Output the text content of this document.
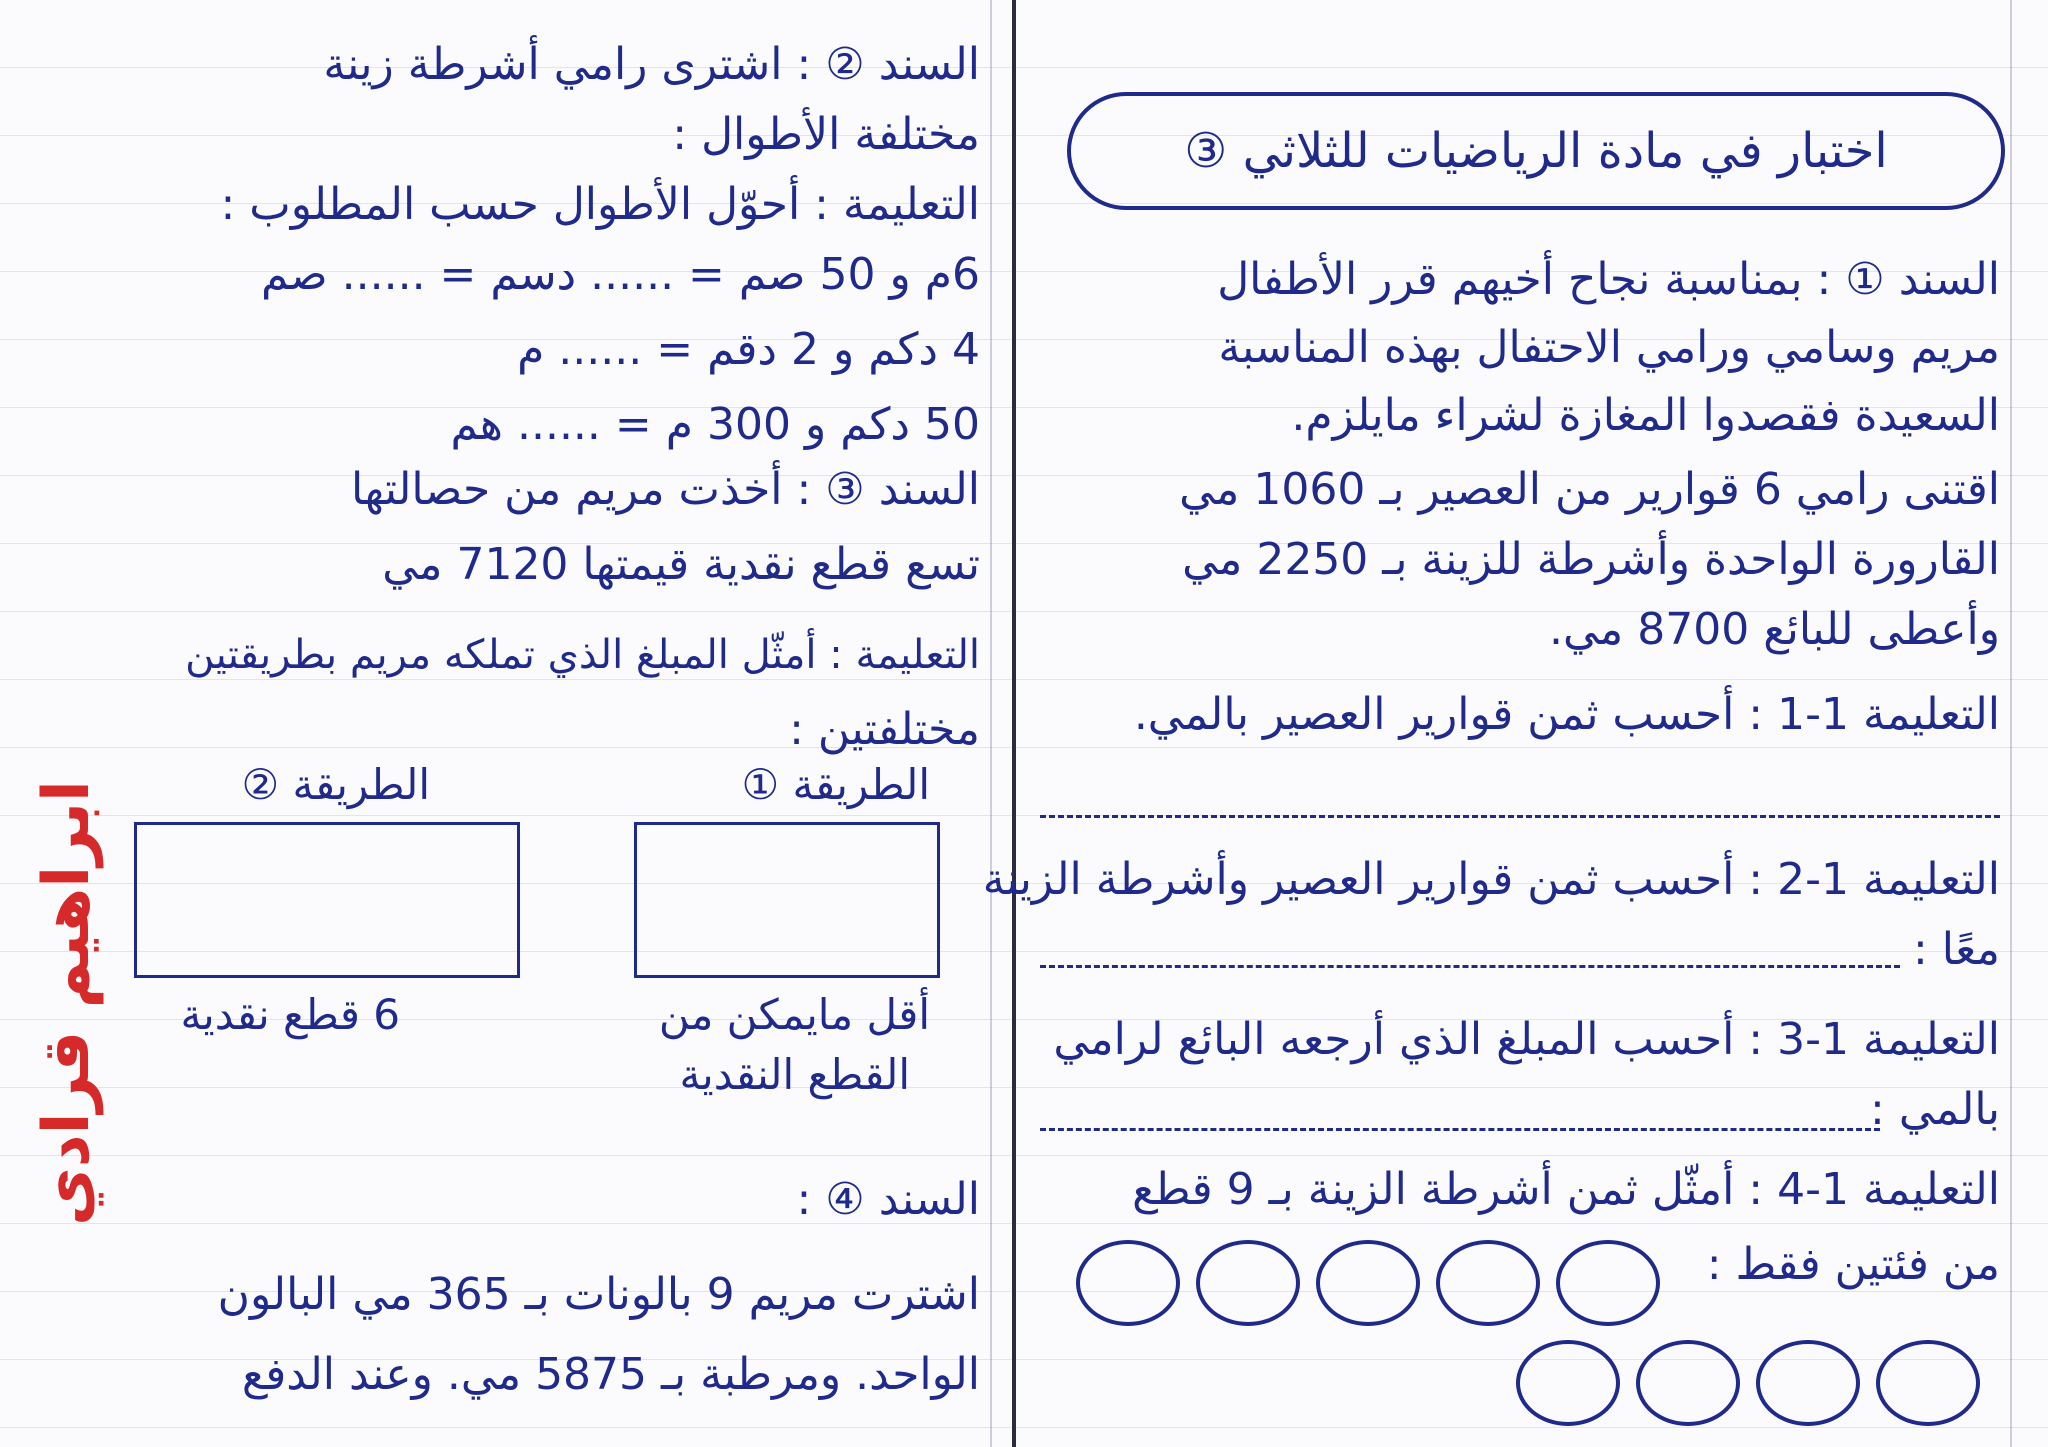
اختبار في مادة الرياضيات للثلاثي ③
السند ① : بمناسبة نجاح أخيهم قرر الأطفال
مريم وسامي ورامي الاحتفال بهذه المناسبة
السعيدة فقصدوا المغازة لشراء مايلزم.
اقتنى رامي 6 قوارير من العصير بـ 1060 مي
القارورة الواحدة وأشرطة للزينة بـ 2250 مي
وأعطى للبائع 8700 مي.
التعليمة 1-1 : أحسب ثمن قوارير العصير بالمي.
التعليمة 1-2 : أحسب ثمن قوارير العصير وأشرطة الزينة
معًا :
التعليمة 1-3 : أحسب المبلغ الذي أرجعه البائع لرامي
بالمي :
التعليمة 1-4 : أمثّل ثمن أشرطة الزينة بـ 9 قطع
من فئتين فقط :
السند ② : اشترى رامي أشرطة زينة
مختلفة الأطوال :
التعليمة : أحوّل الأطوال حسب المطلوب :
6م و 50 صم = ...... دسم = ...... صم
4 دكم و 2 دقم = ...... م
50 دكم و 300 م = ...... هم
السند ③ : أخذت مريم من حصالتها
تسع قطع نقدية قيمتها 7120 مي
التعليمة : أمثّل المبلغ الذي تملكه مريم بطريقتين
مختلفتين :
الطريقة ①
الطريقة ②
أقل مايمكن من
القطع النقدية
6 قطع نقدية
السند ④ :
اشترت مريم 9 بالونات بـ 365 مي البالون
الواحد. ومرطبة بـ 5875 مي. وعند الدفع
ابراهيم قرادي
